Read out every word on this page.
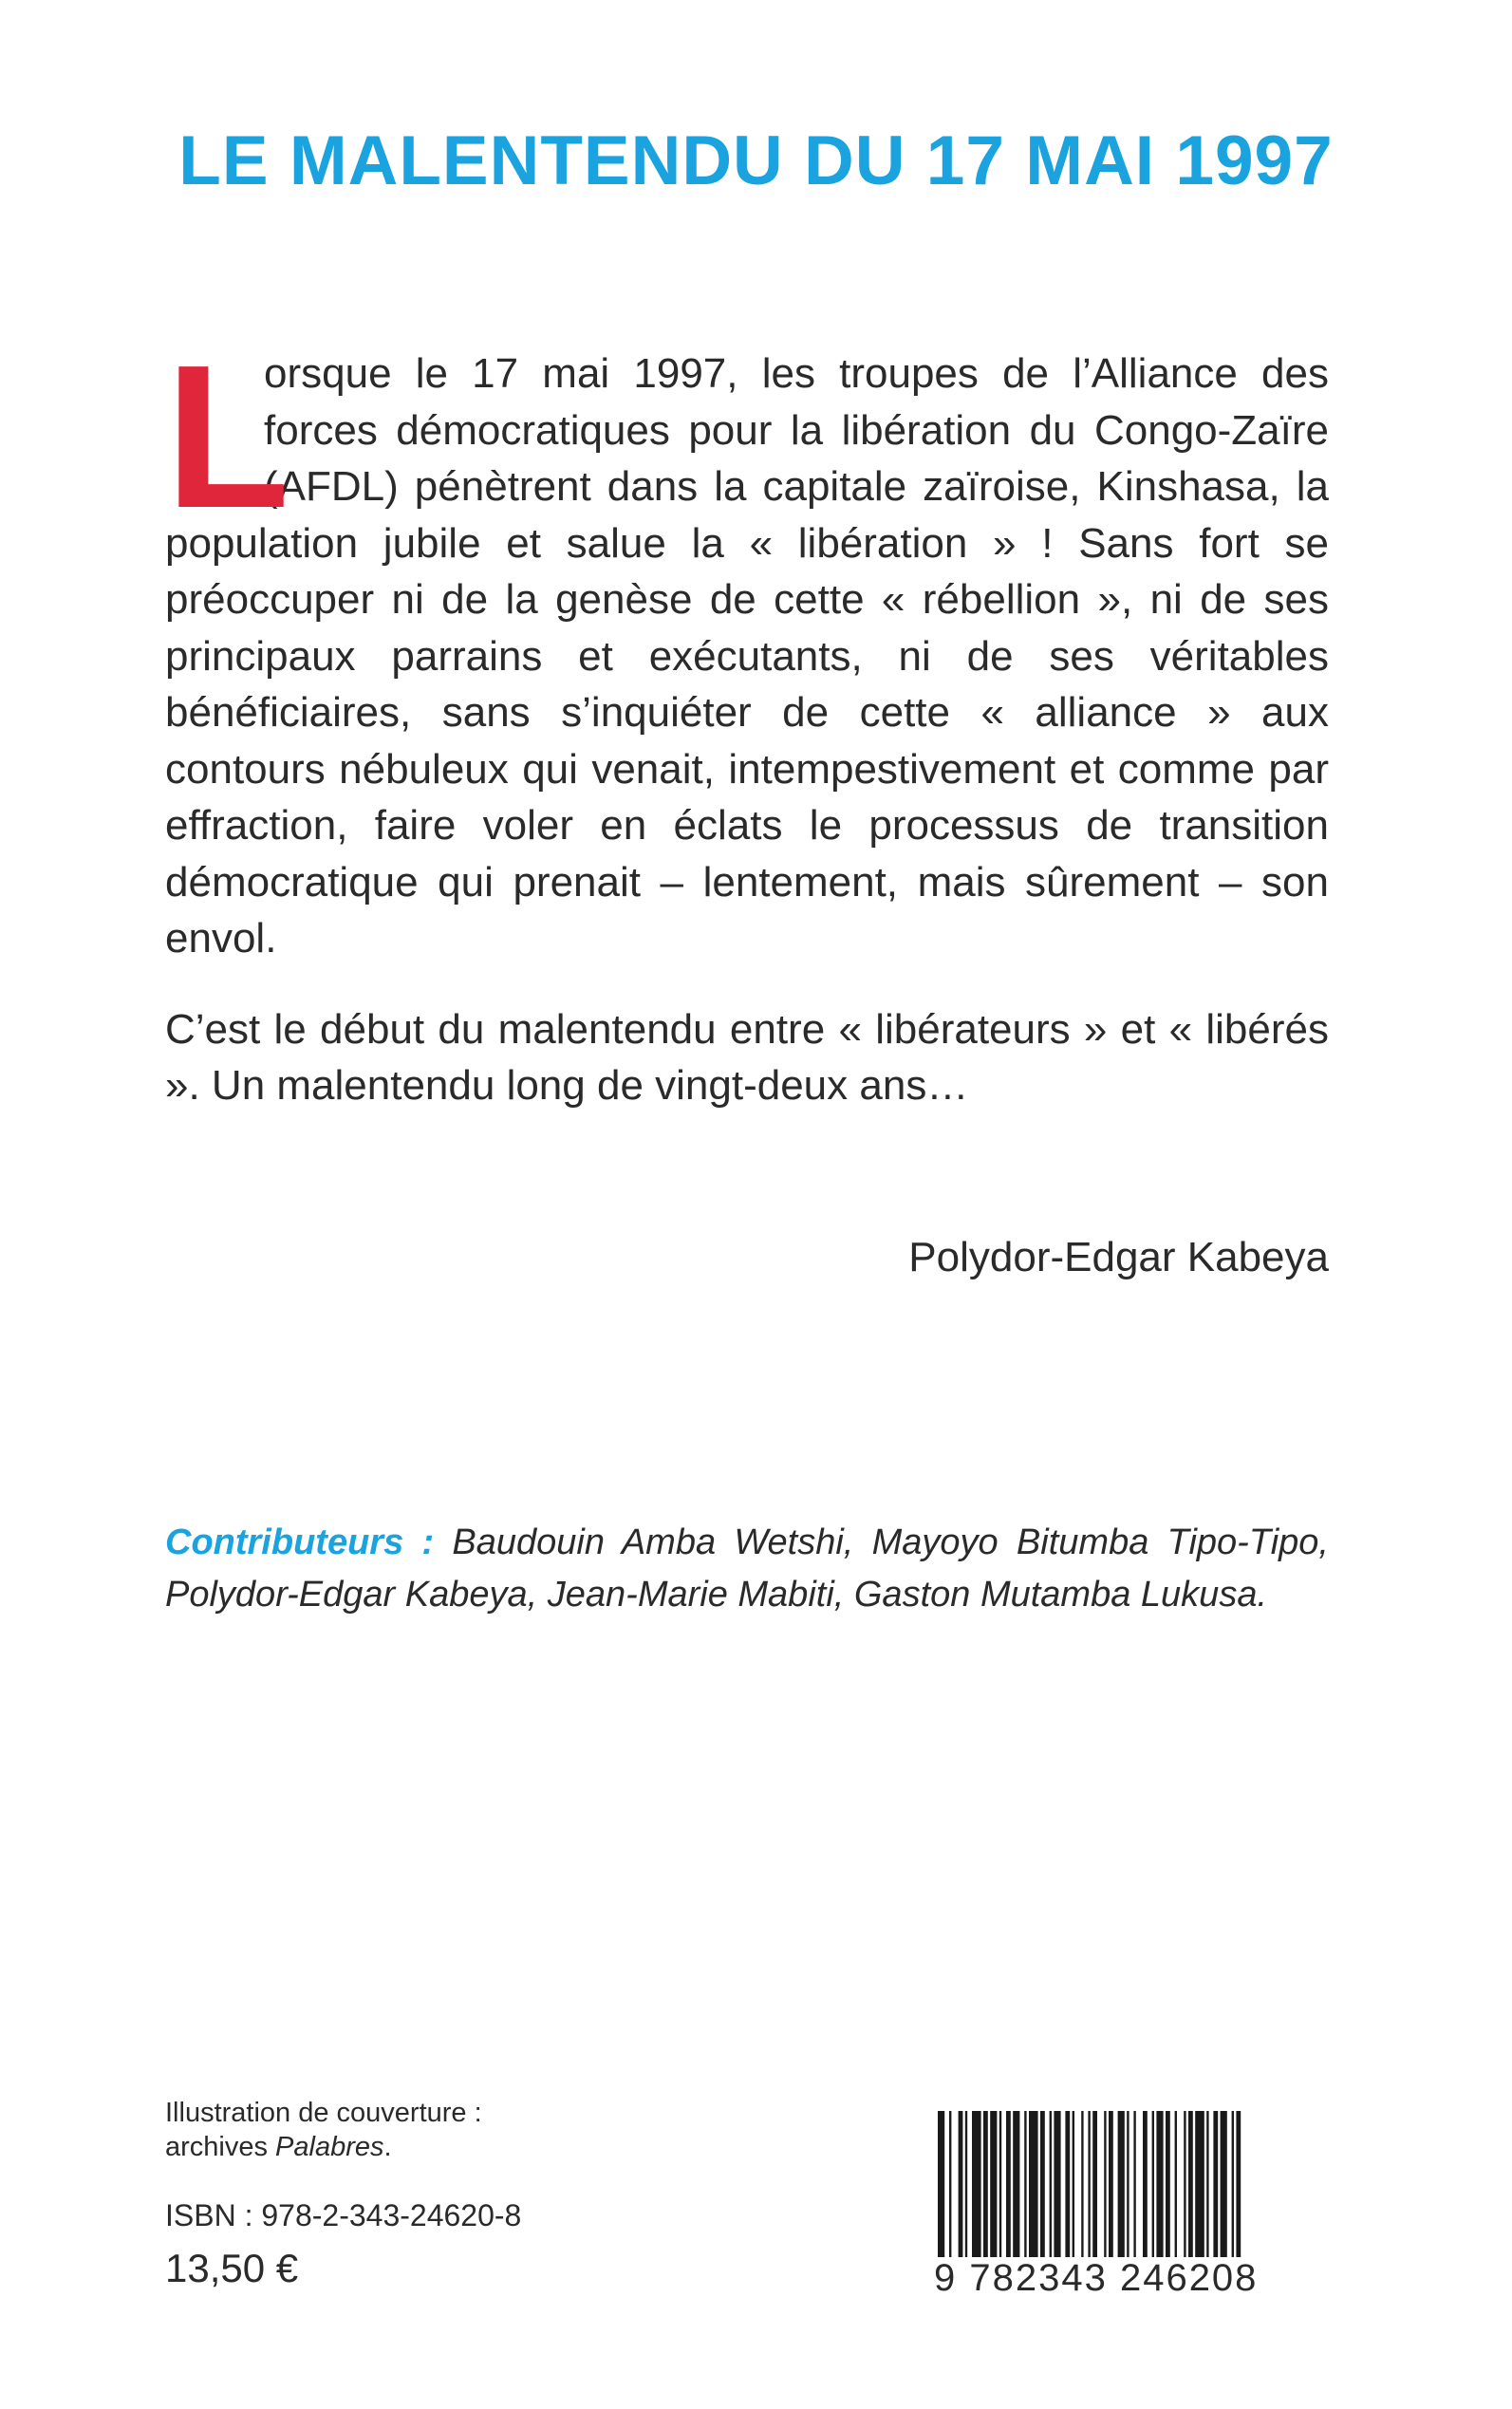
LE MALENTENDU DU 17 MAI 1997

L
orsque le 17 mai 1997, les troupes de l’Alliance des forces démocratiques pour la libération du Congo-Zaïre (AFDL) pénètrent dans la capitale zaïroise, Kinshasa, la population jubile et salue la « libération » ! Sans fort se préoccuper ni de la genèse de cette « rébellion », ni de ses principaux parrains et exécutants, ni de ses véritables bénéficiaires, sans s’inquiéter de cette « alliance » aux contours nébuleux qui venait, intempestivement et comme par effraction, faire voler en éclats le processus de transition démocratique qui prenait – lentement, mais sûrement – son envol.

C’est le début du malentendu entre « libérateurs » et « libérés ». Un malentendu long de vingt-deux ans…

Polydor-Edgar Kabeya
Contributeurs : Baudouin Amba Wetshi, Mayoyo Bitumba Tipo-Tipo, Polydor-Edgar Kabeya, Jean-Marie Mabiti, Gaston Mutamba Lukusa.
Illustration de couverture :
archives Palabres.
ISBN : 978-2-343-24620-8
13,50 €	9 782343 246208
